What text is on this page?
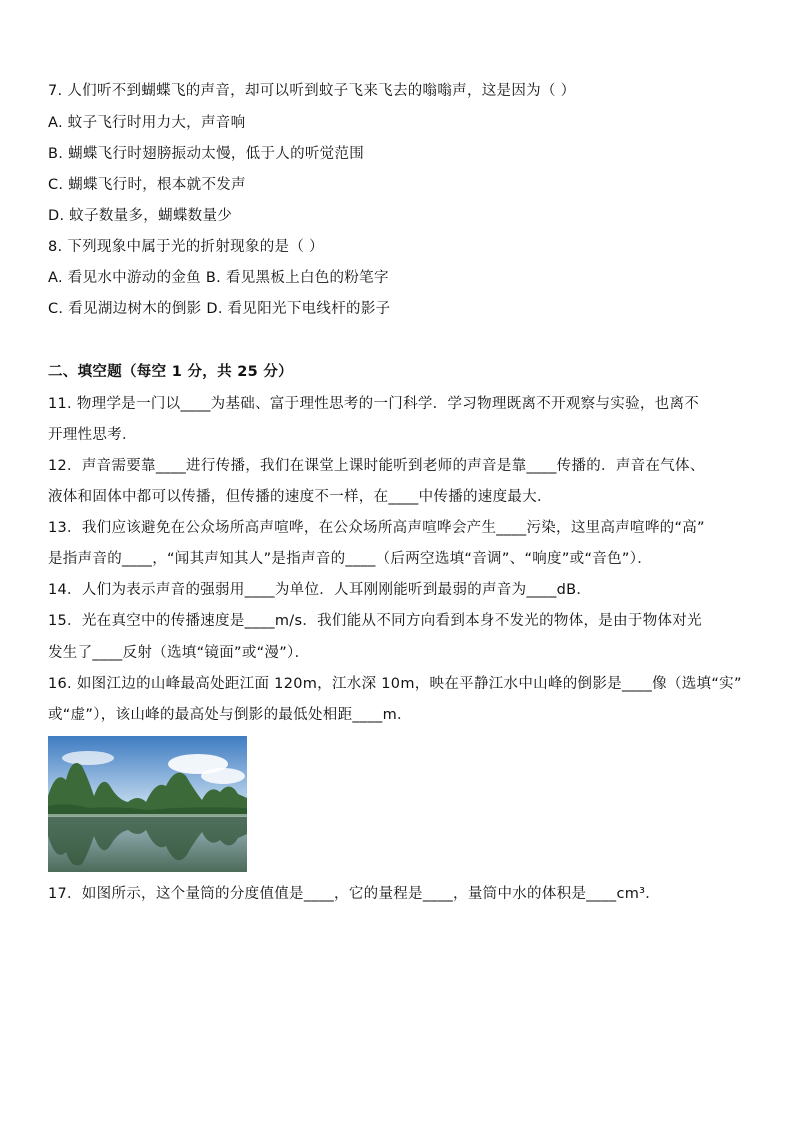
7. 人们听不到蝴蝶飞的声音，却可以听到蚊子飞来飞去的嗡嗡声，这是因为（ ）
A. 蚊子飞行时用力大，声音响
B. 蝴蝶飞行时翅膀振动太慢，低于人的听觉范围
C. 蝴蝶飞行时，根本就不发声
D. 蚊子数量多，蝴蝶数量少
8. 下列现象中属于光的折射现象的是（ ）
A. 看见水中游动的金鱼 B. 看见黑板上白色的粉笔字
C. 看见湖边树木的倒影 D. 看见阳光下电线杆的影子
二、填空题（每空 1 分，共 25 分）
11. 物理学是一门以____为基础、富于理性思考的一门科学．学习物理既离不开观察与实验，也离不
开理性思考．
12．声音需要靠____进行传播，我们在课堂上课时能听到老师的声音是靠____传播的．声音在气体、
液体和固体中都可以传播，但传播的速度不一样，在____中传播的速度最大．
13．我们应该避免在公众场所高声喧哗，在公众场所高声喧哗会产生____污染，这里高声喧哗的“高”
是指声音的____，“闻其声知其人”是指声音的____（后两空选填“音调”、“响度”或“音色”）．
14．人们为表示声音的强弱用____为单位．人耳刚刚能听到最弱的声音为____dB．
15．光在真空中的传播速度是____m/s．我们能从不同方向看到本身不发光的物体，是由于物体对光
发生了____反射（选填“镜面”或“漫”）．
16. 如图江边的山峰最高处距江面 120m，江水深 10m，映在平静江水中山峰的倒影是____像（选填“实”
或“虚”），该山峰的最高处与倒影的最低处相距____m．
17．如图所示，这个量筒的分度值值是____，它的量程是____，量筒中水的体积是____cm³．
